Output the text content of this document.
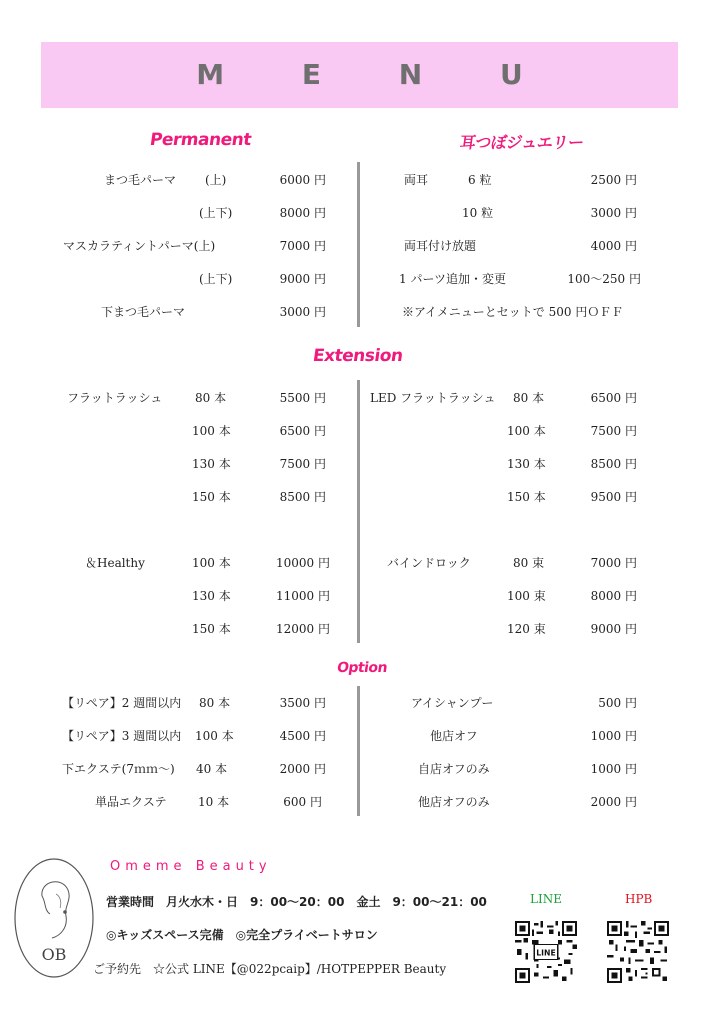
M E N U
Permanent	耳つぼジュエリー
Extension
Option
まつ毛パーマ (上)	6000 円
(上下)	8000 円
マスカラティントパーマ(上)	7000 円
(上下)	9000 円
下まつ毛パーマ	3000 円
両耳	6 粒	2500 円
10 粒	3000 円
両耳付け放題	4000 円
1 パーツ追加・変更	100～250 円
※アイメニューとセットで 500 円ＯＦＦ
フラットラッシュ	80 本	5500 円
100 本	6500 円
130 本	7500 円
150 本	8500 円
＆Healthy	100 本	10000 円
130 本	11000 円
150 本	12000 円
LED フラットラッシュ 80 本	6500 円
100 本	7500 円
130 本	8500 円
150 本	9500 円
バインドロック	80 束	7000 円
100 束	8000 円
120 束	9000 円
【リペア】2 週間以内 80 本	3500 円
【リペア】3 週間以内 100 本	4500 円
下エクステ(7ｍｍ～) 40 本	2000 円
単品エクステ	10 本	600 円
アイシャンプー	500 円
他店オフ	1000 円
自店オフのみ	1000 円
他店オフのみ	2000 円
OB
Omeme Beauty
営業時間　月火水木・日　9：00～20：00　金土　9：00～21：00
◎キッズスペース完備　◎完全プライベートサロン
ご予約先　☆公式 LINE【@022pcaip】/HOTPEPPER Beauty
LINE	HPB
LINE
